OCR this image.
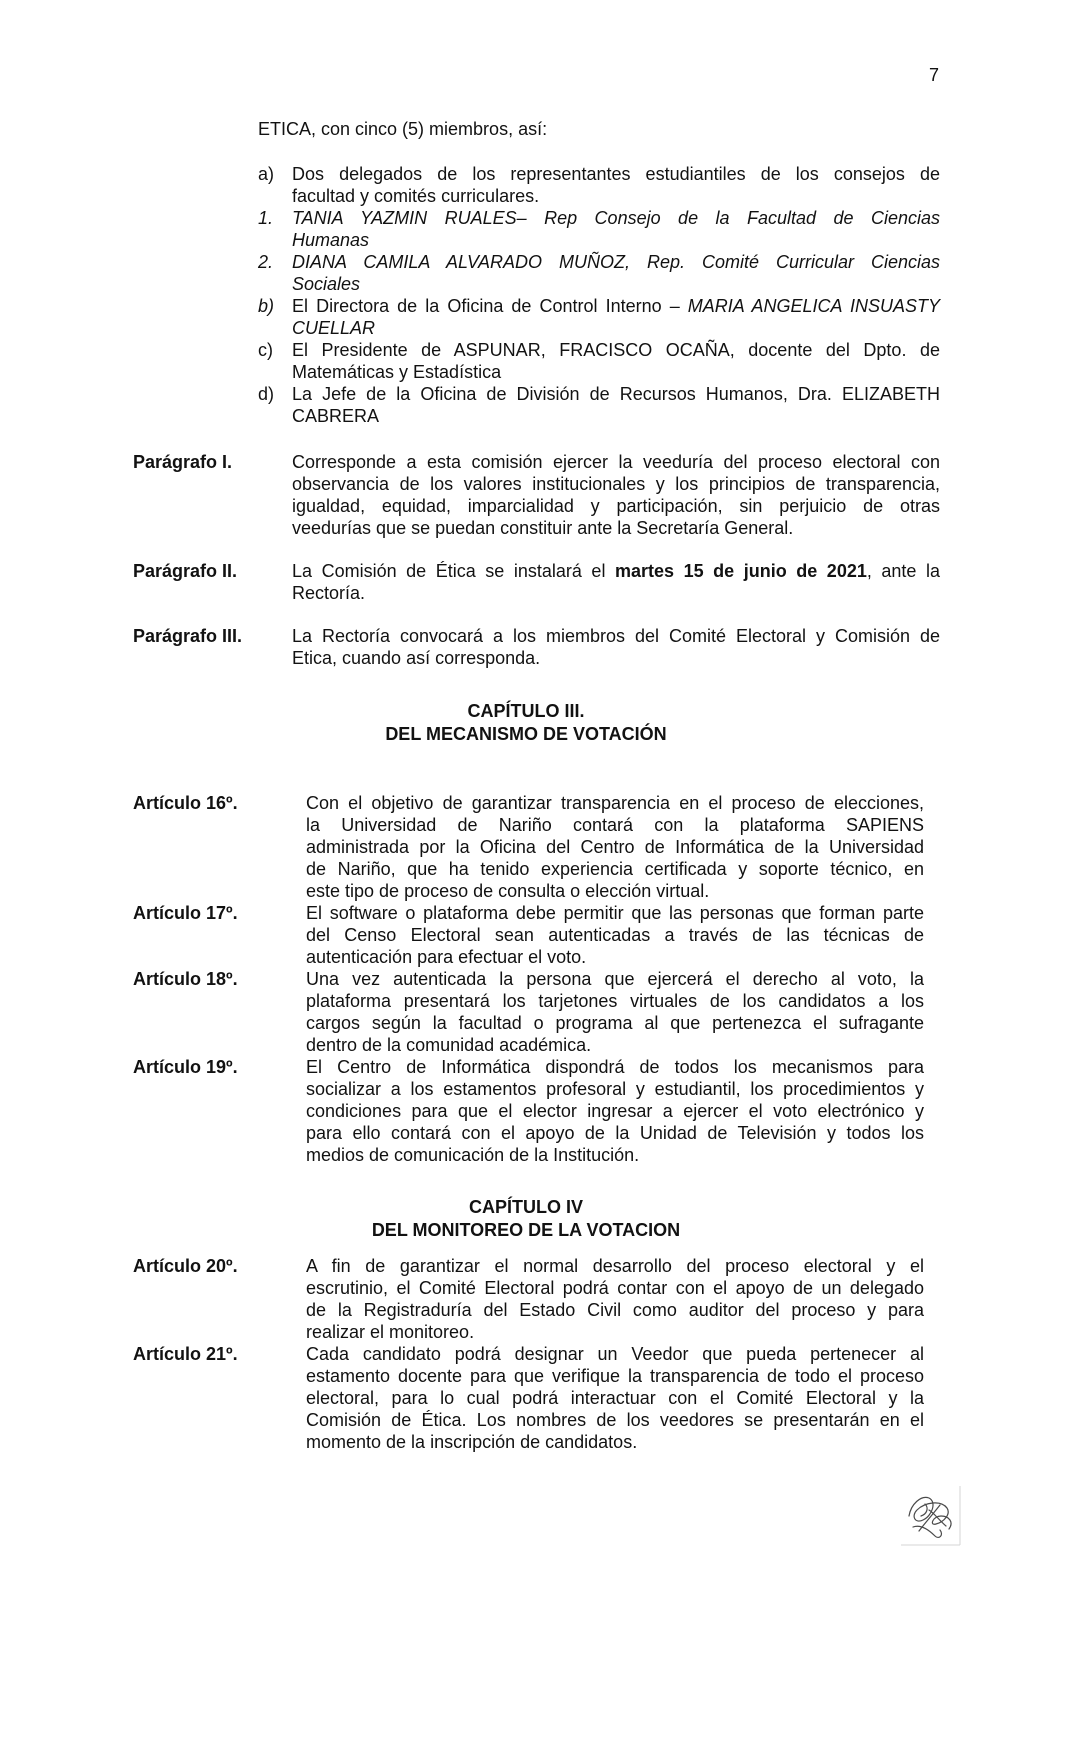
7
ETICA, con cinco (5) miembros, así:
a) Dos delegados de los representantes estudiantiles de los consejos de
facultad y comités curriculares.
1. TANIA YAZMIN RUALES– Rep Consejo de la Facultad de Ciencias
Humanas
2. DIANA CAMILA ALVARADO MUÑOZ, Rep. Comité Curricular Ciencias
Sociales
b) El Directora de la Oficina de Control Interno – MARIA ANGELICA INSUASTY
CUELLAR
c) El Presidente de ASPUNAR, FRACISCO OCAÑA, docente del Dpto. de
Matemáticas y Estadística
d) La Jefe de la Oficina de División de Recursos Humanos, Dra. ELIZABETH
CABRERA
Parágrafo I.	Corresponde a esta comisión ejercer la veeduría del proceso electoral con
observancia de los valores institucionales y los principios de transparencia,
igualdad, equidad, imparcialidad y participación, sin perjuicio de otras
veedurías que se puedan constituir ante la Secretaría General.
Parágrafo II.	La Comisión de Ética se instalará el martes 15 de junio de 2021, ante la
Rectoría.
Parágrafo III.	La Rectoría convocará a los miembros del Comité Electoral y Comisión de
Etica, cuando así corresponda.
CAPÍTULO III.
DEL MECANISMO DE VOTACIÓN
Artículo 16º.	Con el objetivo de garantizar transparencia en el proceso de elecciones,
la Universidad de Nariño contará con la plataforma SAPIENS
administrada por la Oficina del Centro de Informática de la Universidad
de Nariño, que ha tenido experiencia certificada y soporte técnico, en
este tipo de proceso de consulta o elección virtual.
Artículo 17º.	El software o plataforma debe permitir que las personas que forman parte
del Censo Electoral sean autenticadas a través de las técnicas de
autenticación para efectuar el voto.
Artículo 18º.	Una vez autenticada la persona que ejercerá el derecho al voto, la
plataforma presentará los tarjetones virtuales de los candidatos a los
cargos según la facultad o programa al que pertenezca el sufragante
dentro de la comunidad académica.
Artículo 19º.	El Centro de Informática dispondrá de todos los mecanismos para
socializar a los estamentos profesoral y estudiantil, los procedimientos y
condiciones para que el elector ingresar a ejercer el voto electrónico y
para ello contará con el apoyo de la Unidad de Televisión y todos los
medios de comunicación de la Institución.
CAPÍTULO IV
DEL MONITOREO DE LA VOTACION
Artículo 20º.	A fin de garantizar el normal desarrollo del proceso electoral y el
escrutinio, el Comité Electoral podrá contar con el apoyo de un delegado
de la Registraduría del Estado Civil como auditor del proceso y para
realizar el monitoreo.
Artículo 21º.	Cada candidato podrá designar un Veedor que pueda pertenecer al
estamento docente para que verifique la transparencia de todo el proceso
electoral, para lo cual podrá interactuar con el Comité Electoral y la
Comisión de Ética. Los nombres de los veedores se presentarán en el
momento de la inscripción de candidatos.
